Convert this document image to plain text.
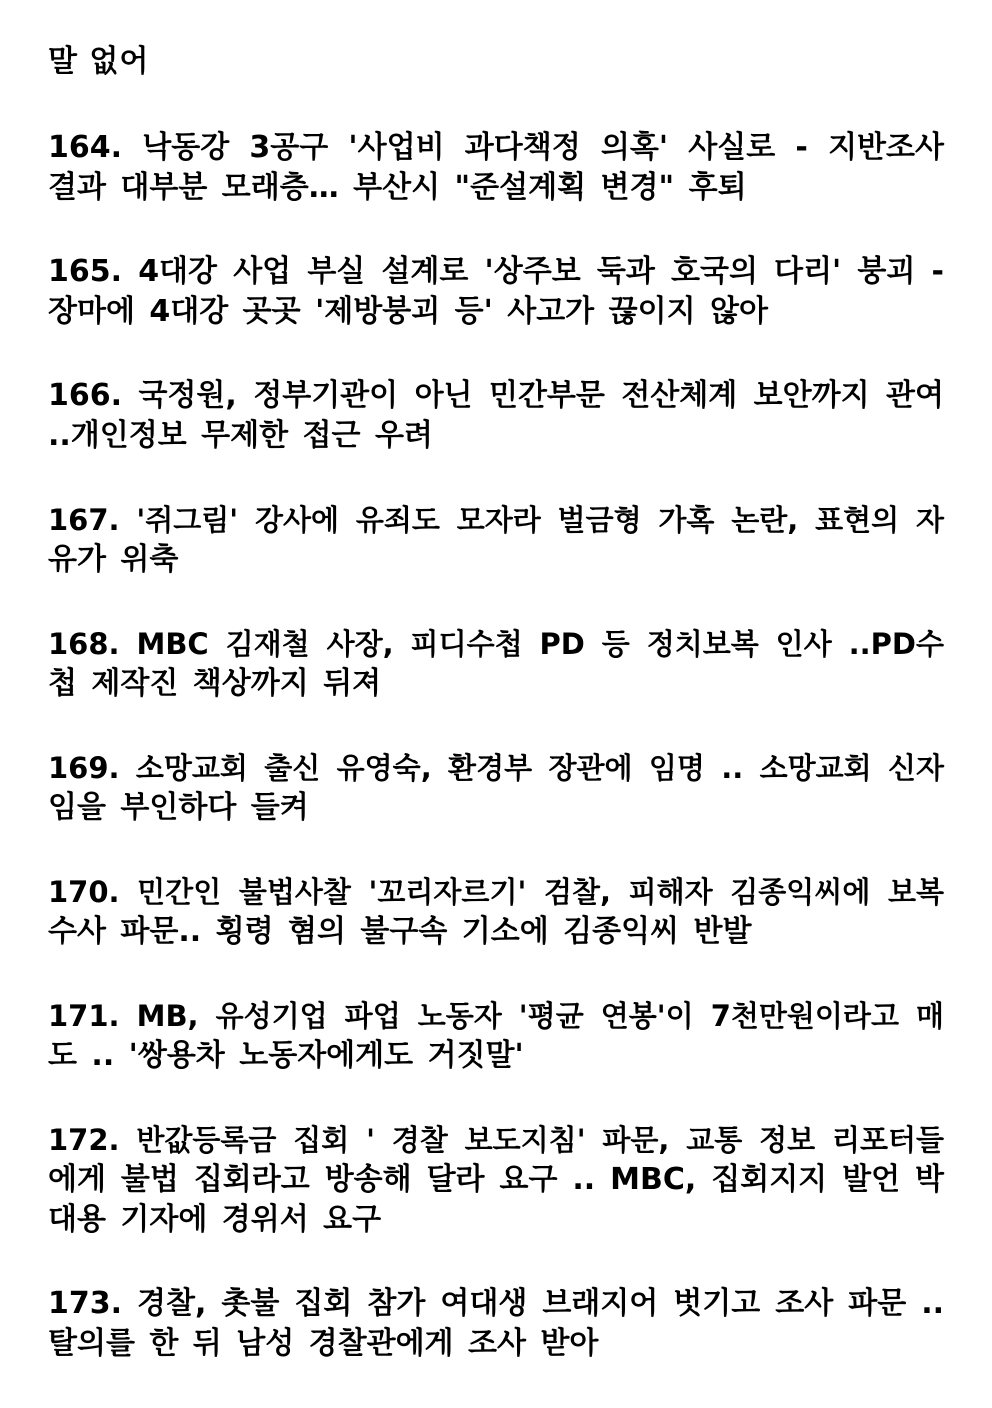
말 없어

164. 낙동강 3공구 '사업비 과다책정 의혹' 사실로 - 지반조사
결과 대부분 모래층… 부산시 "준설계획 변경" 후퇴
165. 4대강 사업 부실 설계로 '상주보 둑과 호국의 다리' 붕괴 -
장마에 4대강 곳곳 '제방붕괴 등' 사고가 끊이지 않아
166. 국정원, 정부기관이 아닌 민간부문 전산체계 보안까지 관여
..개인정보 무제한 접근 우려
167. '쥐그림' 강사에 유죄도 모자라 벌금형 가혹 논란, 표현의 자
유가 위축
168. MBC 김재철 사장, 피디수첩 PD 등 정치보복 인사 ..PD수
첩 제작진 책상까지 뒤져
169. 소망교회 출신 유영숙, 환경부 장관에 임명 .. 소망교회 신자
임을 부인하다 들켜
170. 민간인 불법사찰 '꼬리자르기' 검찰, 피해자 김종익씨에 보복
수사 파문.. 횡령 혐의 불구속 기소에 김종익씨 반발
171. MB, 유성기업 파업 노동자 '평균 연봉'이 7천만원이라고 매
도 .. '쌍용차 노동자에게도 거짓말'
172. 반값등록금 집회 ' 경찰 보도지침' 파문, 교통 정보 리포터들
에게 불법 집회라고 방송해 달라 요구 .. MBC, 집회지지 발언 박
대용 기자에 경위서 요구
173. 경찰, 촛불 집회 참가 여대생 브래지어 벗기고 조사 파문 ..
탈의를 한 뒤 남성 경찰관에게 조사 받아
